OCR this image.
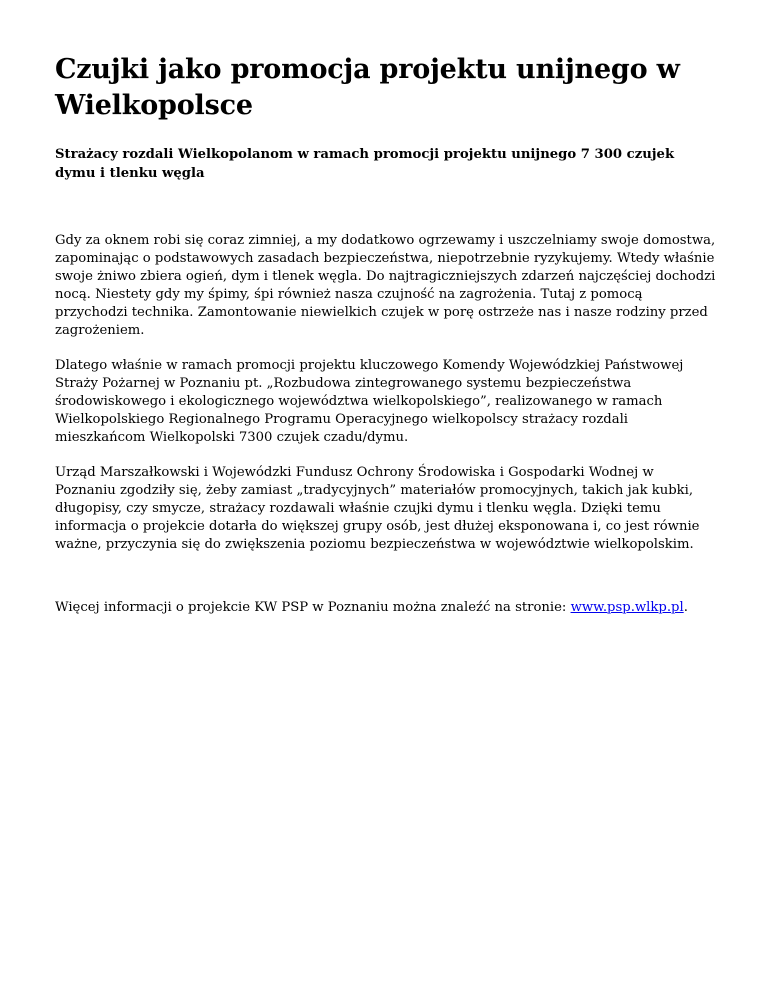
Czujki jako promocja projektu unijnego w Wielkopolsce

Strażacy rozdali Wielkopolanom w ramach promocji projektu unijnego 7 300 czujek dymu i tlenku węgla

Gdy za oknem robi się coraz zimniej, a my dodatkowo ogrzewamy i uszczelniamy swoje domostwa, zapominając o podstawowych zasadach bezpieczeństwa, niepotrzebnie ryzykujemy. Wtedy właśnie swoje żniwo zbiera ogień, dym i tlenek węgla. Do najtragiczniejszych zdarzeń najczęściej dochodzi nocą. Niestety gdy my śpimy, śpi również nasza czujność na zagrożenia. Tutaj z pomocą przychodzi technika. Zamontowanie niewielkich czujek w porę ostrzeże nas i nasze rodziny przed zagrożeniem.

Dlatego właśnie w ramach promocji projektu kluczowego Komendy Wojewódzkiej Państwowej Straży Pożarnej w Poznaniu pt. „Rozbudowa zintegrowanego systemu bezpieczeństwa środowiskowego i ekologicznego województwa wielkopolskiego”, realizowanego w ramach Wielkopolskiego Regionalnego Programu Operacyjnego wielkopolscy strażacy rozdali mieszkańcom Wielkopolski 7300 czujek czadu/dymu.

Urząd Marszałkowski i Wojewódzki Fundusz Ochrony Środowiska i Gospodarki Wodnej w Poznaniu zgodziły się, żeby zamiast „tradycyjnych” materiałów promocyjnych, takich jak kubki, długopisy, czy smycze, strażacy rozdawali właśnie czujki dymu i tlenku węgla. Dzięki temu informacja o projekcie dotarła do większej grupy osób, jest dłużej eksponowana i, co jest równie ważne, przyczynia się do zwiększenia poziomu bezpieczeństwa w województwie wielkopolskim.

Więcej informacji o projekcie KW PSP w Poznaniu można znaleźć na stronie: www.psp.wlkp.pl.
